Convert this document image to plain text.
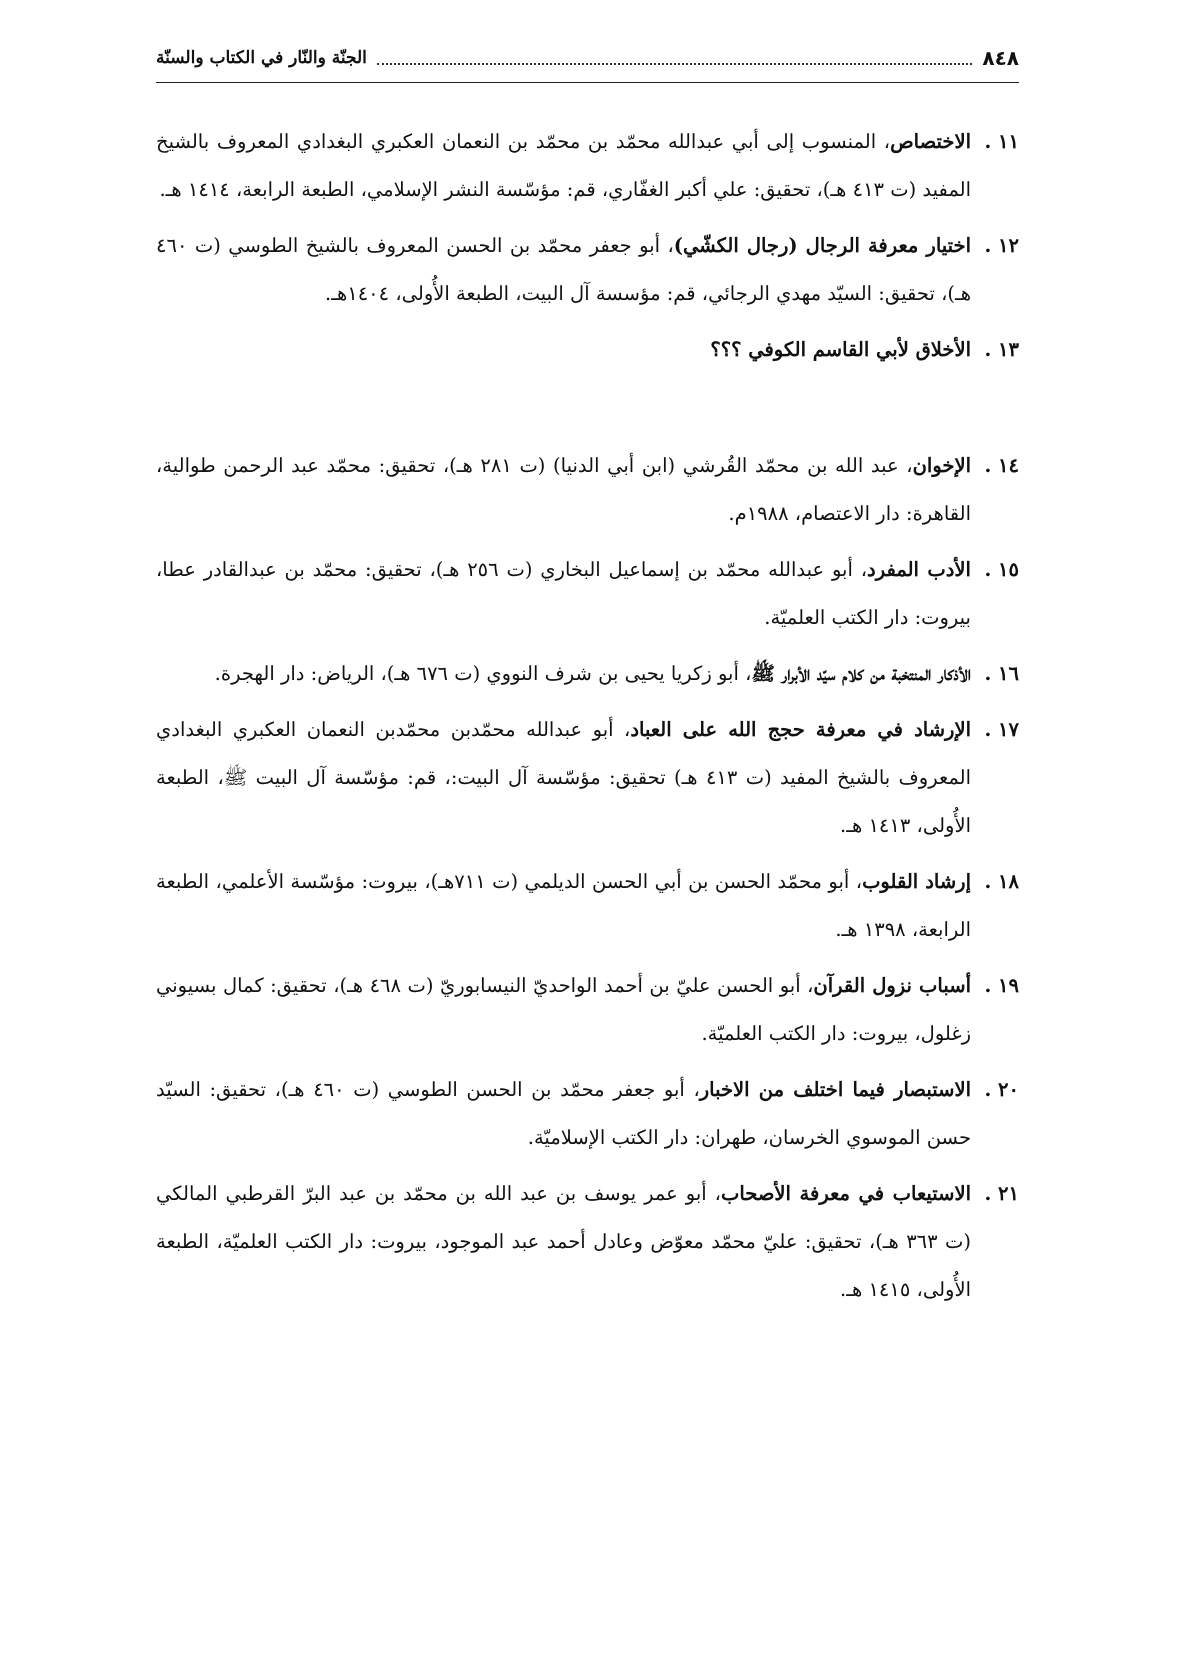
٨٤٨
الجنّة والنّار في الكتاب والسنّة
١١ .
الاختصاص، المنسوب إلى أبي عبدالله محمّد بن محمّد بن النعمان العكبري البغدادي المعروف بالشيخ المفيد (ت ٤١٣ هـ)، تحقيق: علي أكبر الغفّاري، قم: مؤسّسة النشر الإسلامي، الطبعة الرابعة، ١٤١٤ هـ.
١٢ .
اختيار معرفة الرجال (رجال الكشّي)، أبو جعفر محمّد بن الحسن المعروف بالشيخ الطوسي (ت ٤٦٠ هـ)، تحقيق: السيّد مهدي الرجائي، قم: مؤسسة آل البيت، الطبعة الأُولى، ١٤٠٤هـ.
١٣ .
الأخلاق لأبي القاسم الكوفي ؟؟؟
١٤ .
الإخوان، عبد الله بن محمّد القُرشي (ابن أبي الدنيا) (ت ٢٨١ هـ)، تحقيق: محمّد عبد الرحمن طوالية، القاهرة: دار الاعتصام، ١٩٨٨م.
١٥ .
الأدب المفرد، أبو عبدالله محمّد بن إسماعيل البخاري (ت ٢٥٦ هـ)، تحقيق: محمّد بن عبدالقادر عطا، بيروت: دار الكتب العلميّة.
١٦ .
الأذكار المنتخبة من كلام سيّد الأبرار ﷺ، أبو زكريا يحيى بن شرف النووي (ت ٦٧٦ هـ)، الرياض: دار الهجرة.
١٧ .
الإرشاد في معرفة حجج الله على العباد، أبو عبدالله محمّدبن محمّدبن النعمان العكبري البغدادي المعروف بالشيخ المفيد (ت ٤١٣ هـ) تحقيق: مؤسّسة آل البيت:، قم: مؤسّسة آل البيت ﷺ، الطبعة الأُولى، ١٤١٣ هـ.
١٨ .
إرشاد القلوب، أبو محمّد الحسن بن أبي الحسن الديلمي (ت ٧١١هـ)، بيروت: مؤسّسة الأعلمي، الطبعة الرابعة، ١٣٩٨ هـ.
١٩ .
أسباب نزول القرآن، أبو الحسن عليّ بن أحمد الواحديّ النيسابوريّ (ت ٤٦٨ هـ)، تحقيق: كمال بسيوني زغلول، بيروت: دار الكتب العلميّة.
٢٠ .
الاستبصار فيما اختلف من الاخبار، أبو جعفر محمّد بن الحسن الطوسي (ت ٤٦٠ هـ)، تحقيق: السيّد حسن الموسوي الخرسان، طهران: دار الكتب الإسلاميّة.
٢١ .
الاستيعاب في معرفة الأصحاب، أبو عمر يوسف بن عبد الله بن محمّد بن عبد البرّ القرطبي المالكي (ت ٣٦٣ هـ)، تحقيق: عليّ محمّد معوّض وعادل أحمد عبد الموجود، بيروت: دار الكتب العلميّة، الطبعة الأُولى، ١٤١٥ هـ.
